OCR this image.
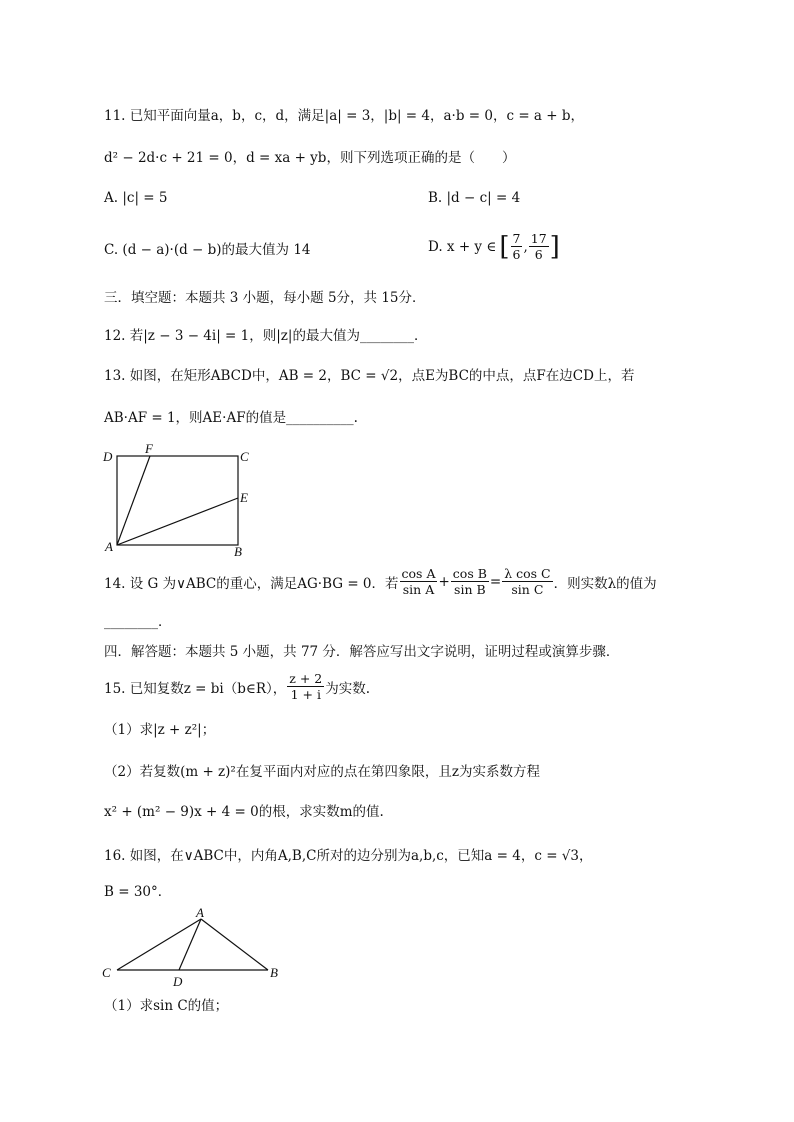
11. 已知平面向量a，b，c，d，满足|a| = 3，|b| = 4，a·b = 0，c = a + b，
d² − 2d·c + 21 = 0，d = xa + yb，则下列选项正确的是（　　）
A. |c| = 5	B. |d − c| = 4
C. (d − a)·(d − b)的最大值为 14	D. x + y ∈ [ $\frac{7}{6}$ , $\frac{17}{6}$ ]
三．填空题：本题共 3 小题，每小题 5分，共 15分．
12. 若|z − 3 − 4i| = 1，则|z|的最大值为________．
13. 如图，在矩形ABCD中，AB = 2，BC = √2，点E为BC的中点，点F在边CD上，若
AB·AF = 1，则AE·AF的值是__________.
D
F
C
E
A	B
14. 设 G 为∨ABC的重心，满足AG·BG = 0．若 $\frac{\text{cos A}}{\text{sin A}} + \frac{\text{cos B}}{\text{sin B}} = \frac{\text{λ cos C}}{\text{sin C}}$ ．则实数λ的值为
________．
四．解答题：本题共 5 小题，共 77 分．解答应写出文字说明，证明过程或演算步骤．
15. 已知复数z = bi（b∈R）， $\frac{z + 2}{1 + i}$ 为实数.
（1）求|z + z²|；
（2）若复数(m + z)²在复平面内对应的点在第四象限，且z为实系数方程
x² + (m² − 9)x + 4 = 0的根，求实数m的值.
16. 如图，在∨ABC中，内角A,B,C所对的边分别为a,b,c，已知a = 4，c = √3，
B = 30°．
A
C
D
B
（1）求sin C的值；
